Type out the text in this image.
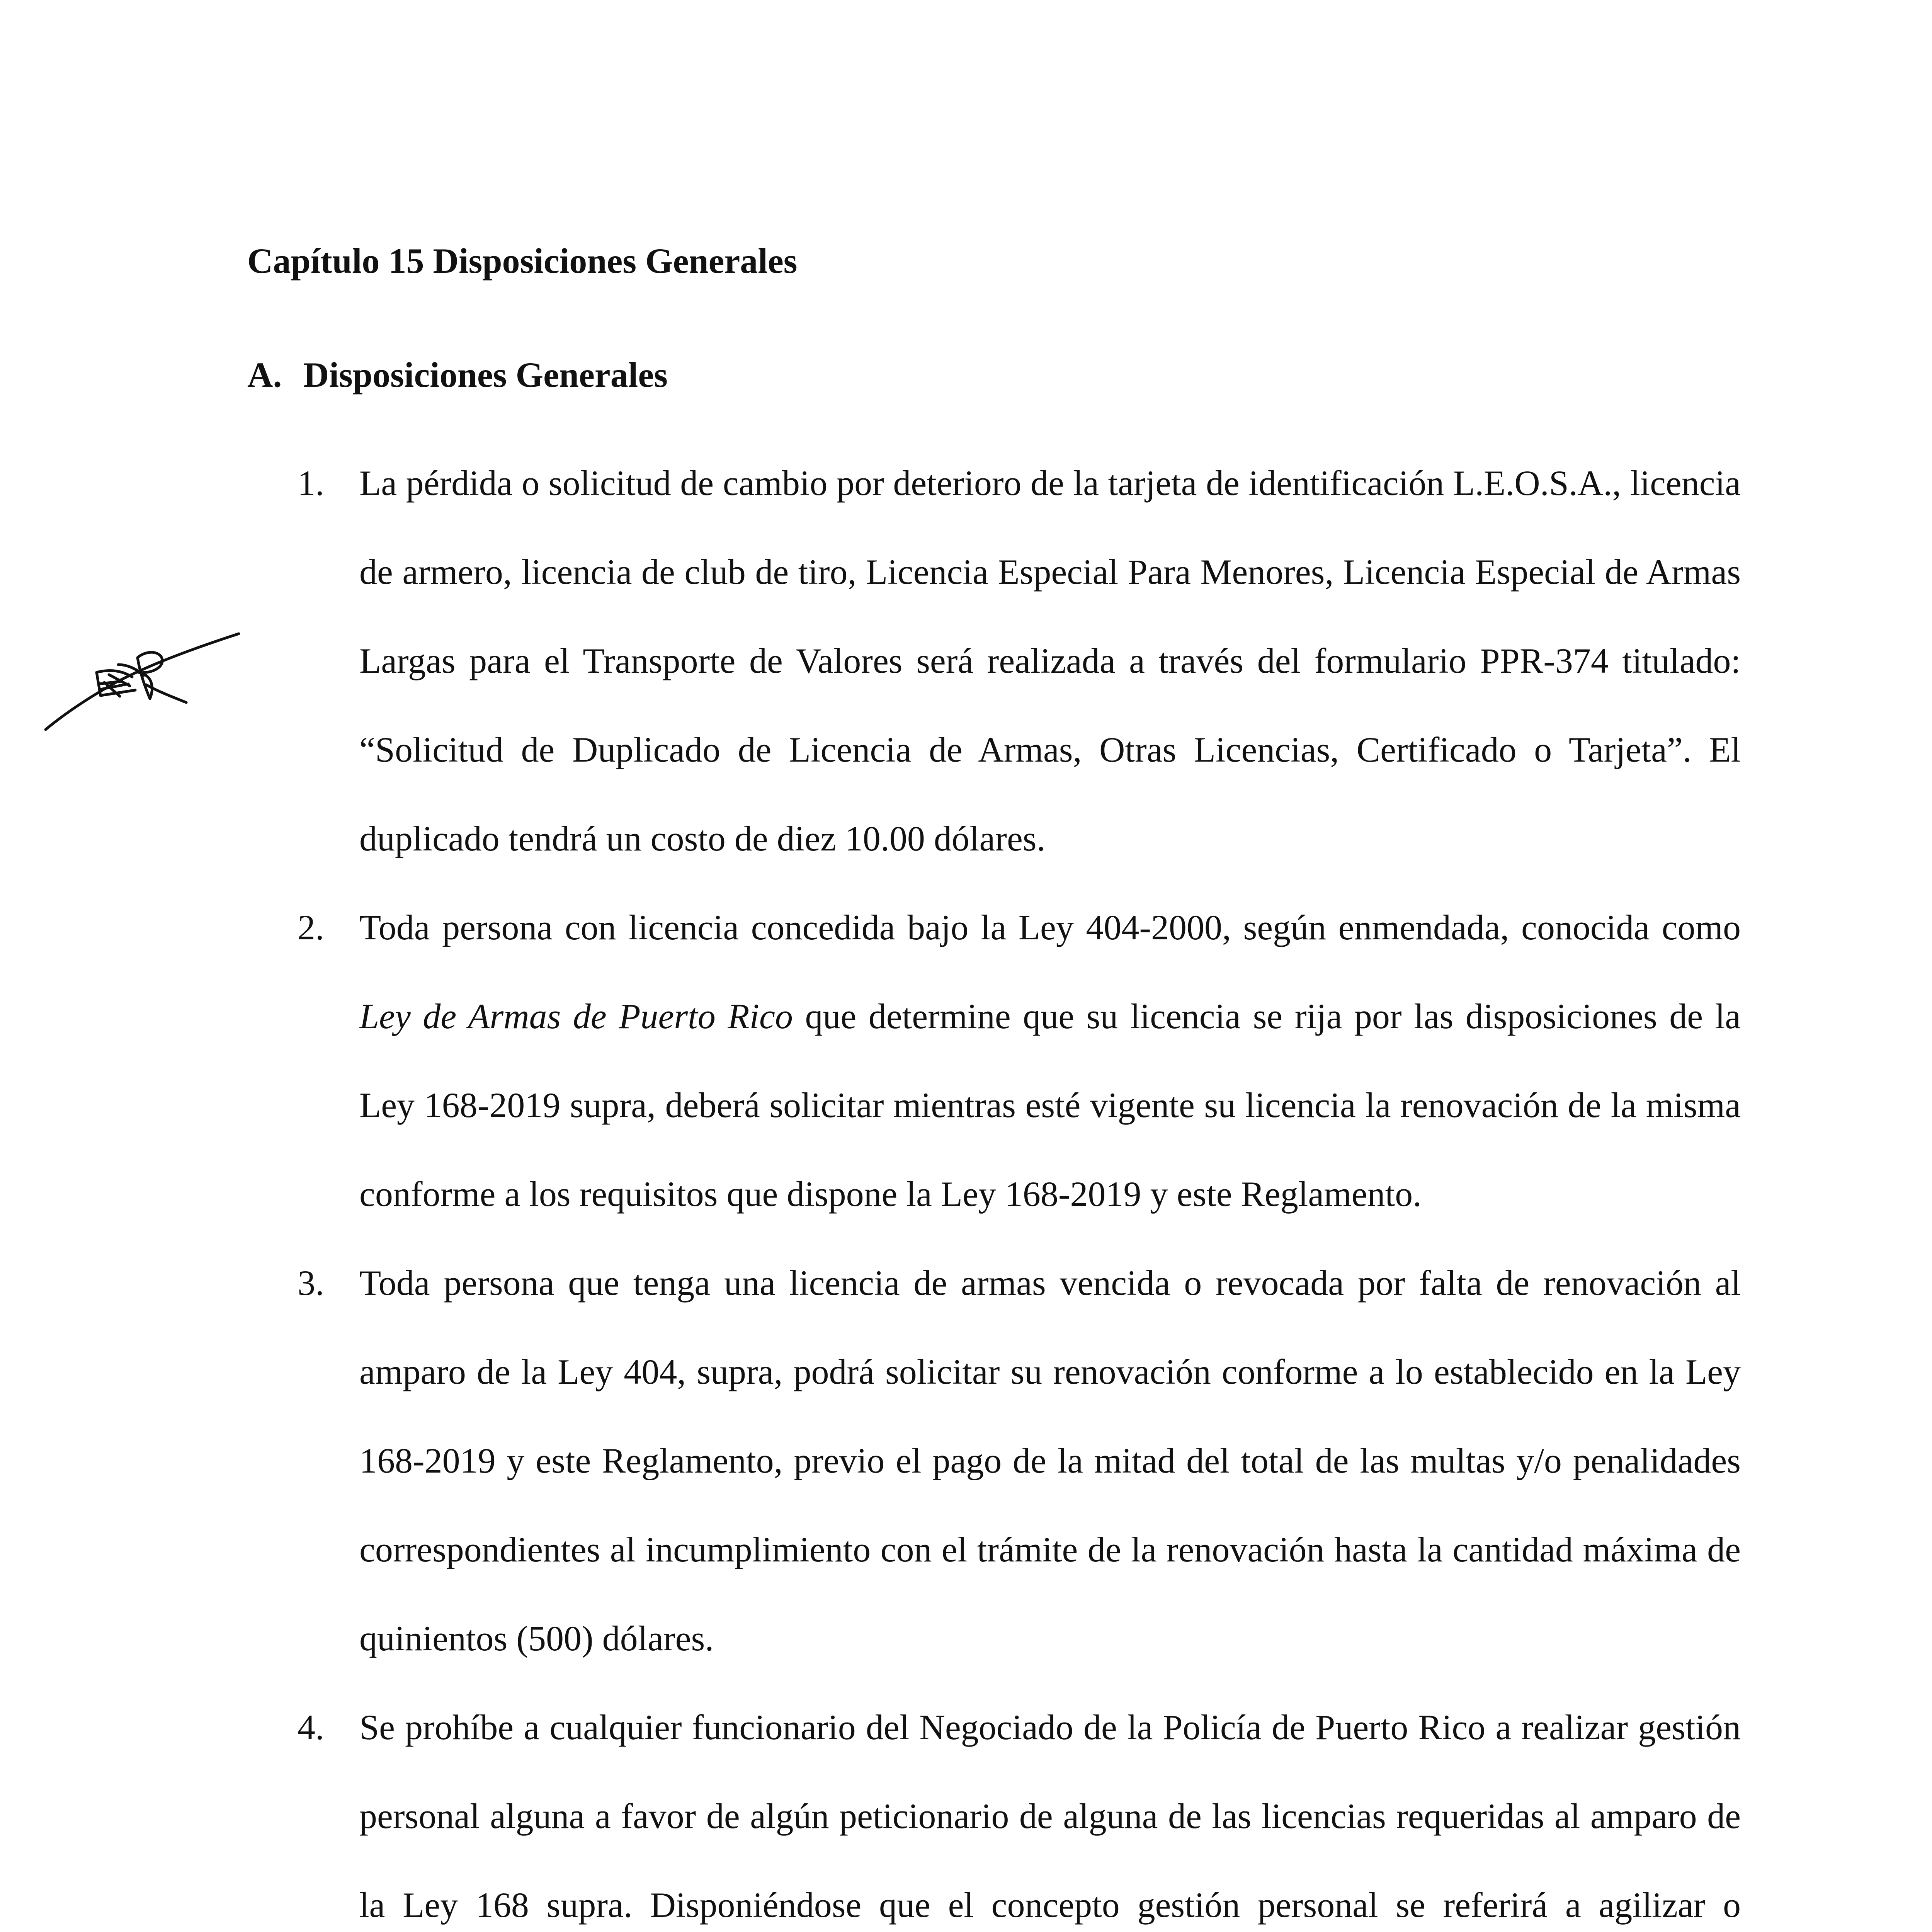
Capítulo 15 Disposiciones Generales
A. Disposiciones Generales
1. La pérdida o solicitud de cambio por deterioro de la tarjeta de identificación L.E.O.S.A., licencia de armero, licencia de club de tiro, Licencia Especial Para Menores, Licencia Especial de Armas Largas para el Transporte de Valores será realizada a través del formulario PPR-374 titulado: “Solicitud de Duplicado de Licencia de Armas, Otras Licencias, Certificado o Tarjeta”. El duplicado tendrá un costo de diez 10.00 dólares.
2. Toda persona con licencia concedida bajo la Ley 404-2000, según enmendada, conocida como Ley de Armas de Puerto Rico que determine que su licencia se rija por las disposiciones de la Ley 168-2019 supra, deberá solicitar mientras esté vigente su licencia la renovación de la misma conforme a los requisitos que dispone la Ley 168-2019 y este Reglamento.
3. Toda persona que tenga una licencia de armas vencida o revocada por falta de renovación al amparo de la Ley 404, supra, podrá solicitar su renovación conforme a lo establecido en la Ley 168-2019 y este Reglamento, previo el pago de la mitad del total de las multas y/o penalidades correspondientes al incumplimiento con el trámite de la renovación hasta la cantidad máxima de quinientos (500) dólares.
4. Se prohíbe a cualquier funcionario del Negociado de la Policía de Puerto Rico a realizar gestión personal alguna a favor de algún peticionario de alguna de las licencias requeridas al amparo de la Ley 168 supra. Disponiéndose que el concepto gestión personal se referirá a agilizar o
